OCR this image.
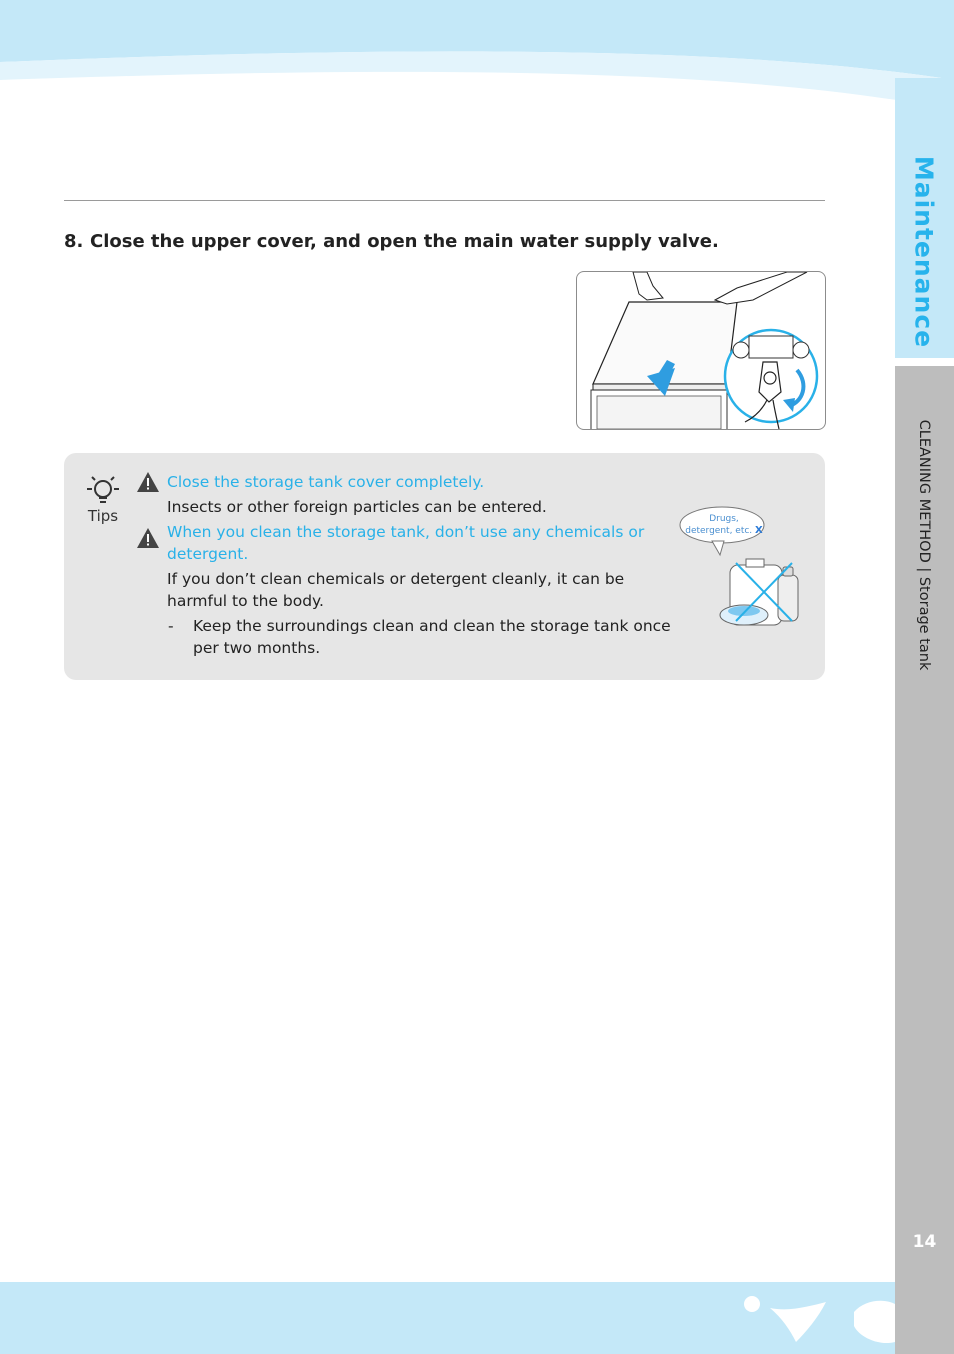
Maintenance
CLEANING METHOD | Storage tank
14
8. Close the upper cover, and open the main water supply valve.
Tips
Close the storage tank cover completely.
Insects or other foreign particles can be entered.
When you clean the storage tank, don’t use any chemicals or
detergent.
If you don’t clean chemicals or detergent cleanly, it can be
harmful to the body.
- Keep the surroundings clean and clean the storage tank once
per two months.
Drugs,
detergent, etc. X
